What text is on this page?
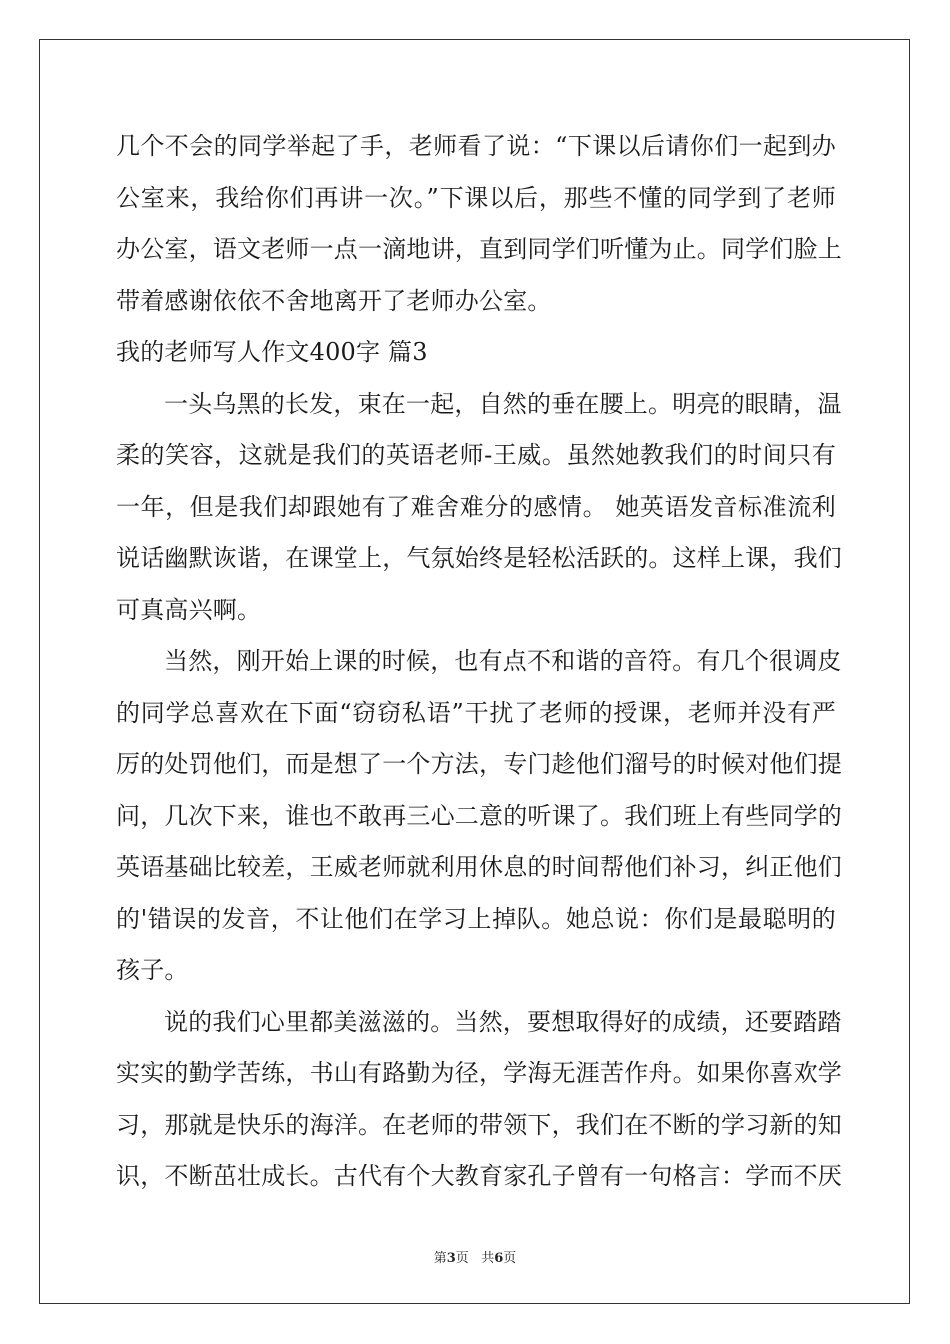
几个不会的同学举起了手，老师看了说：“下课以后请你们一起到办
公室来，我给你们再讲一次。”下课以后，那些不懂的同学到了老师
办公室，语文老师一点一滴地讲，直到同学们听懂为止。同学们脸上
带着感谢依依不舍地离开了老师办公室。
我的老师写人作文400字 篇3
一头乌黑的长发，束在一起，自然的垂在腰上。明亮的眼睛，温
柔的笑容，这就是我们的英语老师-王威。虽然她教我们的时间只有
一年，但是我们却跟她有了难舍难分的感情。 她英语发音标准流利
说话幽默诙谐，在课堂上，气氛始终是轻松活跃的。这样上课，我们
可真高兴啊。
当然，刚开始上课的时候，也有点不和谐的音符。有几个很调皮
的同学总喜欢在下面“窃窃私语”干扰了老师的授课，老师并没有严
厉的处罚他们，而是想了一个方法，专门趁他们溜号的时候对他们提
问，几次下来，谁也不敢再三心二意的听课了。我们班上有些同学的
英语基础比较差，王威老师就利用休息的时间帮他们补习，纠正他们
的'错误的发音，不让他们在学习上掉队。她总说：你们是最聪明的
孩子。
说的我们心里都美滋滋的。当然，要想取得好的成绩，还要踏踏
实实的勤学苦练，书山有路勤为径，学海无涯苦作舟。如果你喜欢学
习，那就是快乐的海洋。在老师的带领下，我们在不断的学习新的知
识，不断茁壮成长。古代有个大教育家孔子曾有一句格言：学而不厌
第3页 共6页
